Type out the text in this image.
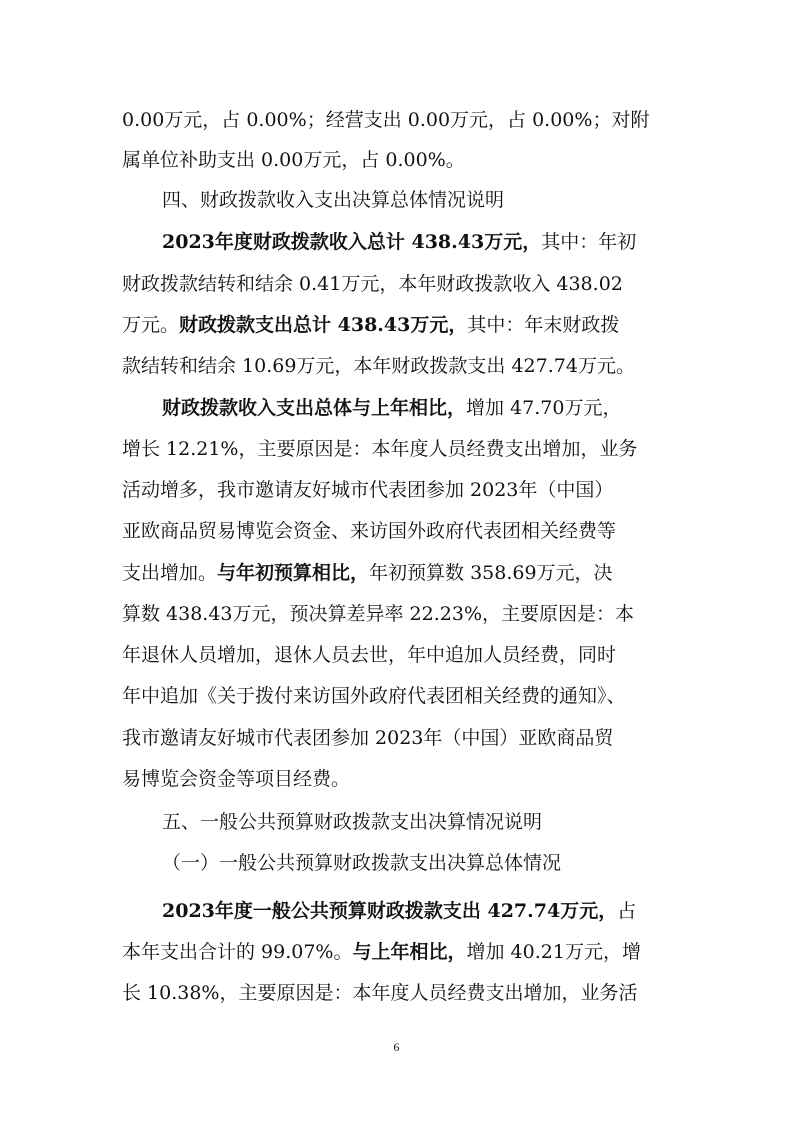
0.00万元，占 0.00%；经营支出 0.00万元，占 0.00%；对附
属单位补助支出 0.00万元，占 0.00%。
四、财政拨款收入支出决算总体情况说明
2023年度财政拨款收入总计 438.43万元，其中：年初
财政拨款结转和结余 0.41万元，本年财政拨款收入 438.02
万元。财政拨款支出总计 438.43万元，其中：年末财政拨
款结转和结余 10.69万元，本年财政拨款支出 427.74万元。
财政拨款收入支出总体与上年相比，增加 47.70万元，
增长 12.21%，主要原因是：本年度人员经费支出增加，业务
活动增多，我市邀请友好城市代表团参加 2023年（中国）
亚欧商品贸易博览会资金、来访国外政府代表团相关经费等
支出增加。与年初预算相比，年初预算数 358.69万元，决
算数 438.43万元，预决算差异率 22.23%，主要原因是：本
年退休人员增加，退休人员去世，年中追加人员经费，同时
年中追加《关于拨付来访国外政府代表团相关经费的通知》、
我市邀请友好城市代表团参加 2023年（中国）亚欧商品贸
易博览会资金等项目经费。
五、一般公共预算财政拨款支出决算情况说明
（一）一般公共预算财政拨款支出决算总体情况
2023年度一般公共预算财政拨款支出 427.74万元，占
本年支出合计的 99.07%。与上年相比，增加 40.21万元，增
长 10.38%，主要原因是：本年度人员经费支出增加，业务活
6
